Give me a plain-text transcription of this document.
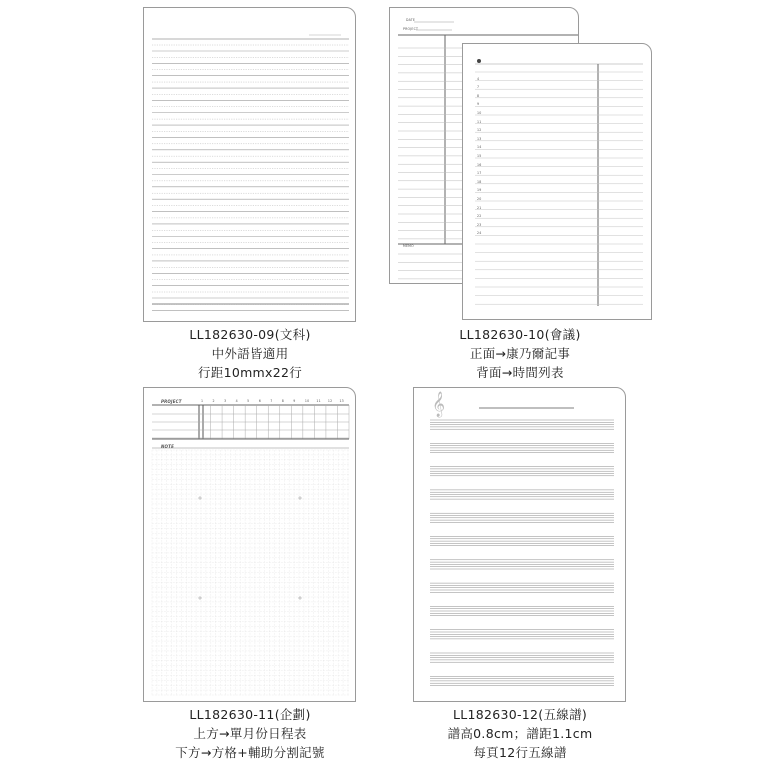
LL182630-09(文科)
中外語皆適用
行距10mmx22行
DATE
PROJECT
MEMO
4
7
8
9
10
11
12
13
14
15
16
17
18
19
20
21
22
23
24
LL182630-10(會議)
正面→康乃爾記事
背面→時間列表
PROJECT
NOTE
1	2	3	4	5	6	7	8	9	10 11 12 13
LL182630-11(企劃)
上方→單月份日程表
下方→方格+輔助分割記號
𝄞
LL182630-12(五線譜)
譜高0.8cm；譜距1.1cm
每頁12行五線譜
